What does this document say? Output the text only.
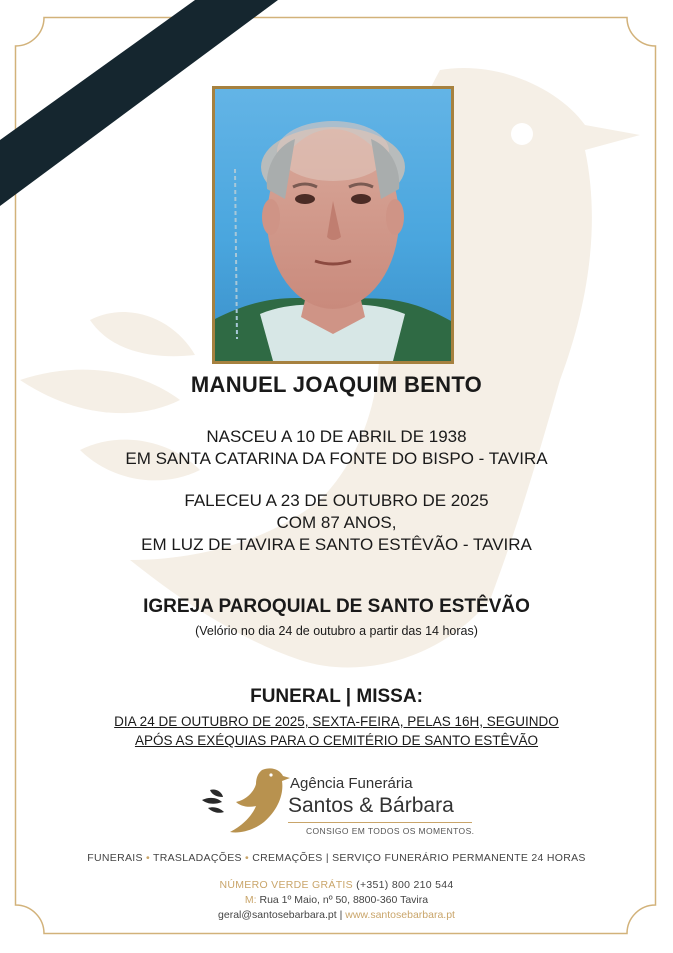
MANUEL JOAQUIM BENTO
NASCEU A 10 DE ABRIL DE 1938
EM SANTA CATARINA DA FONTE DO BISPO - TAVIRA
FALECEU A 23 DE OUTUBRO DE 2025
COM 87 ANOS,
EM LUZ DE TAVIRA E SANTO ESTÊVÃO - TAVIRA
IGREJA PAROQUIAL DE SANTO ESTÊVÃO
(Velório no dia 24 de outubro a partir das 14 horas)
FUNERAL | MISSA:
DIA 24 DE OUTUBRO DE 2025, SEXTA-FEIRA, PELAS 16H, SEGUINDO
APÓS AS EXÉQUIAS PARA O CEMITÉRIO DE SANTO ESTÊVÃO
Agência Funerária
Santos & Bárbara
CONSIGO EM TODOS OS MOMENTOS.
FUNERAIS • TRASLADAÇÕES • CREMAÇÕES | SERVIÇO FUNERÁRIO PERMANENTE 24 HORAS
NÚMERO VERDE GRÁTIS (+351) 800 210 544
M: Rua 1º Maio, nº 50, 8800-360 Tavira
geral@santosebarbara.pt | www.santosebarbara.pt
